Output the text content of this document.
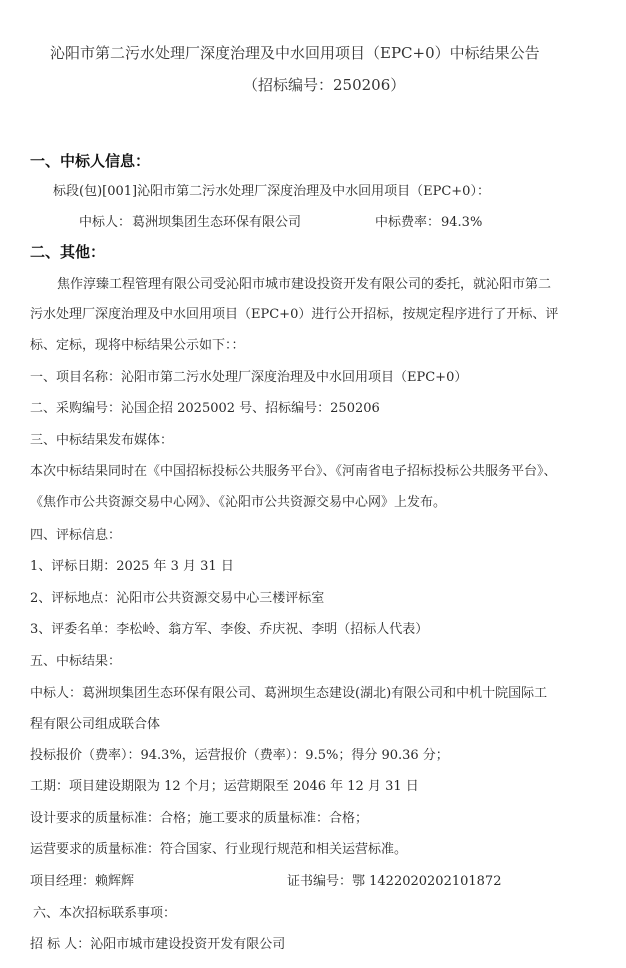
沁阳市第二污水处理厂深度治理及中水回用项目（EPC+0）中标结果公告
（招标编号：250206）
一、中标人信息：
标段(包)[001]沁阳市第二污水处理厂深度治理及中水回用项目（EPC+0）：
中标人： 葛洲坝集团生态环保有限公司	中标费率： 94.3%
二、其他：
焦作淳臻工程管理有限公司受沁阳市城市建设投资开发有限公司的委托，就沁阳市第二
污水处理厂深度治理及中水回用项目（EPC+0）进行公开招标，按规定程序进行了开标、评
标、定标，现将中标结果公示如下：：
一、项目名称：沁阳市第二污水处理厂深度治理及中水回用项目（EPC+0）
二、采购编号：沁国企招 2025002 号、招标编号：250206
三、中标结果发布媒体：
本次中标结果同时在《中国招标投标公共服务平台》、《河南省电子招标投标公共服务平台》、
《焦作市公共资源交易中心网》、《沁阳市公共资源交易中心网》上发布。
四、评标信息：
1、评标日期：2025 年 3 月 31 日
2、评标地点：沁阳市公共资源交易中心三楼评标室
3、评委名单：李松岭、翁方军、李俊、乔庆祝、李明（招标人代表）
五、中标结果：
中标人：葛洲坝集团生态环保有限公司、葛洲坝生态建设(湖北)有限公司和中机十院国际工
程有限公司组成联合体
投标报价（费率）：94.3%，运营报价（费率）：9.5%；得分 90.36 分；
工期：项目建设期限为 12 个月；运营期限至 2046 年 12 月 31 日
设计要求的质量标准：合格；施工要求的质量标准：合格；
运营要求的质量标准：符合国家、行业现行规范和相关运营标准。
项目经理：赖辉辉	证书编号：鄂 1422020202101872
六、本次招标联系事项：
招 标 人：沁阳市城市建设投资开发有限公司
